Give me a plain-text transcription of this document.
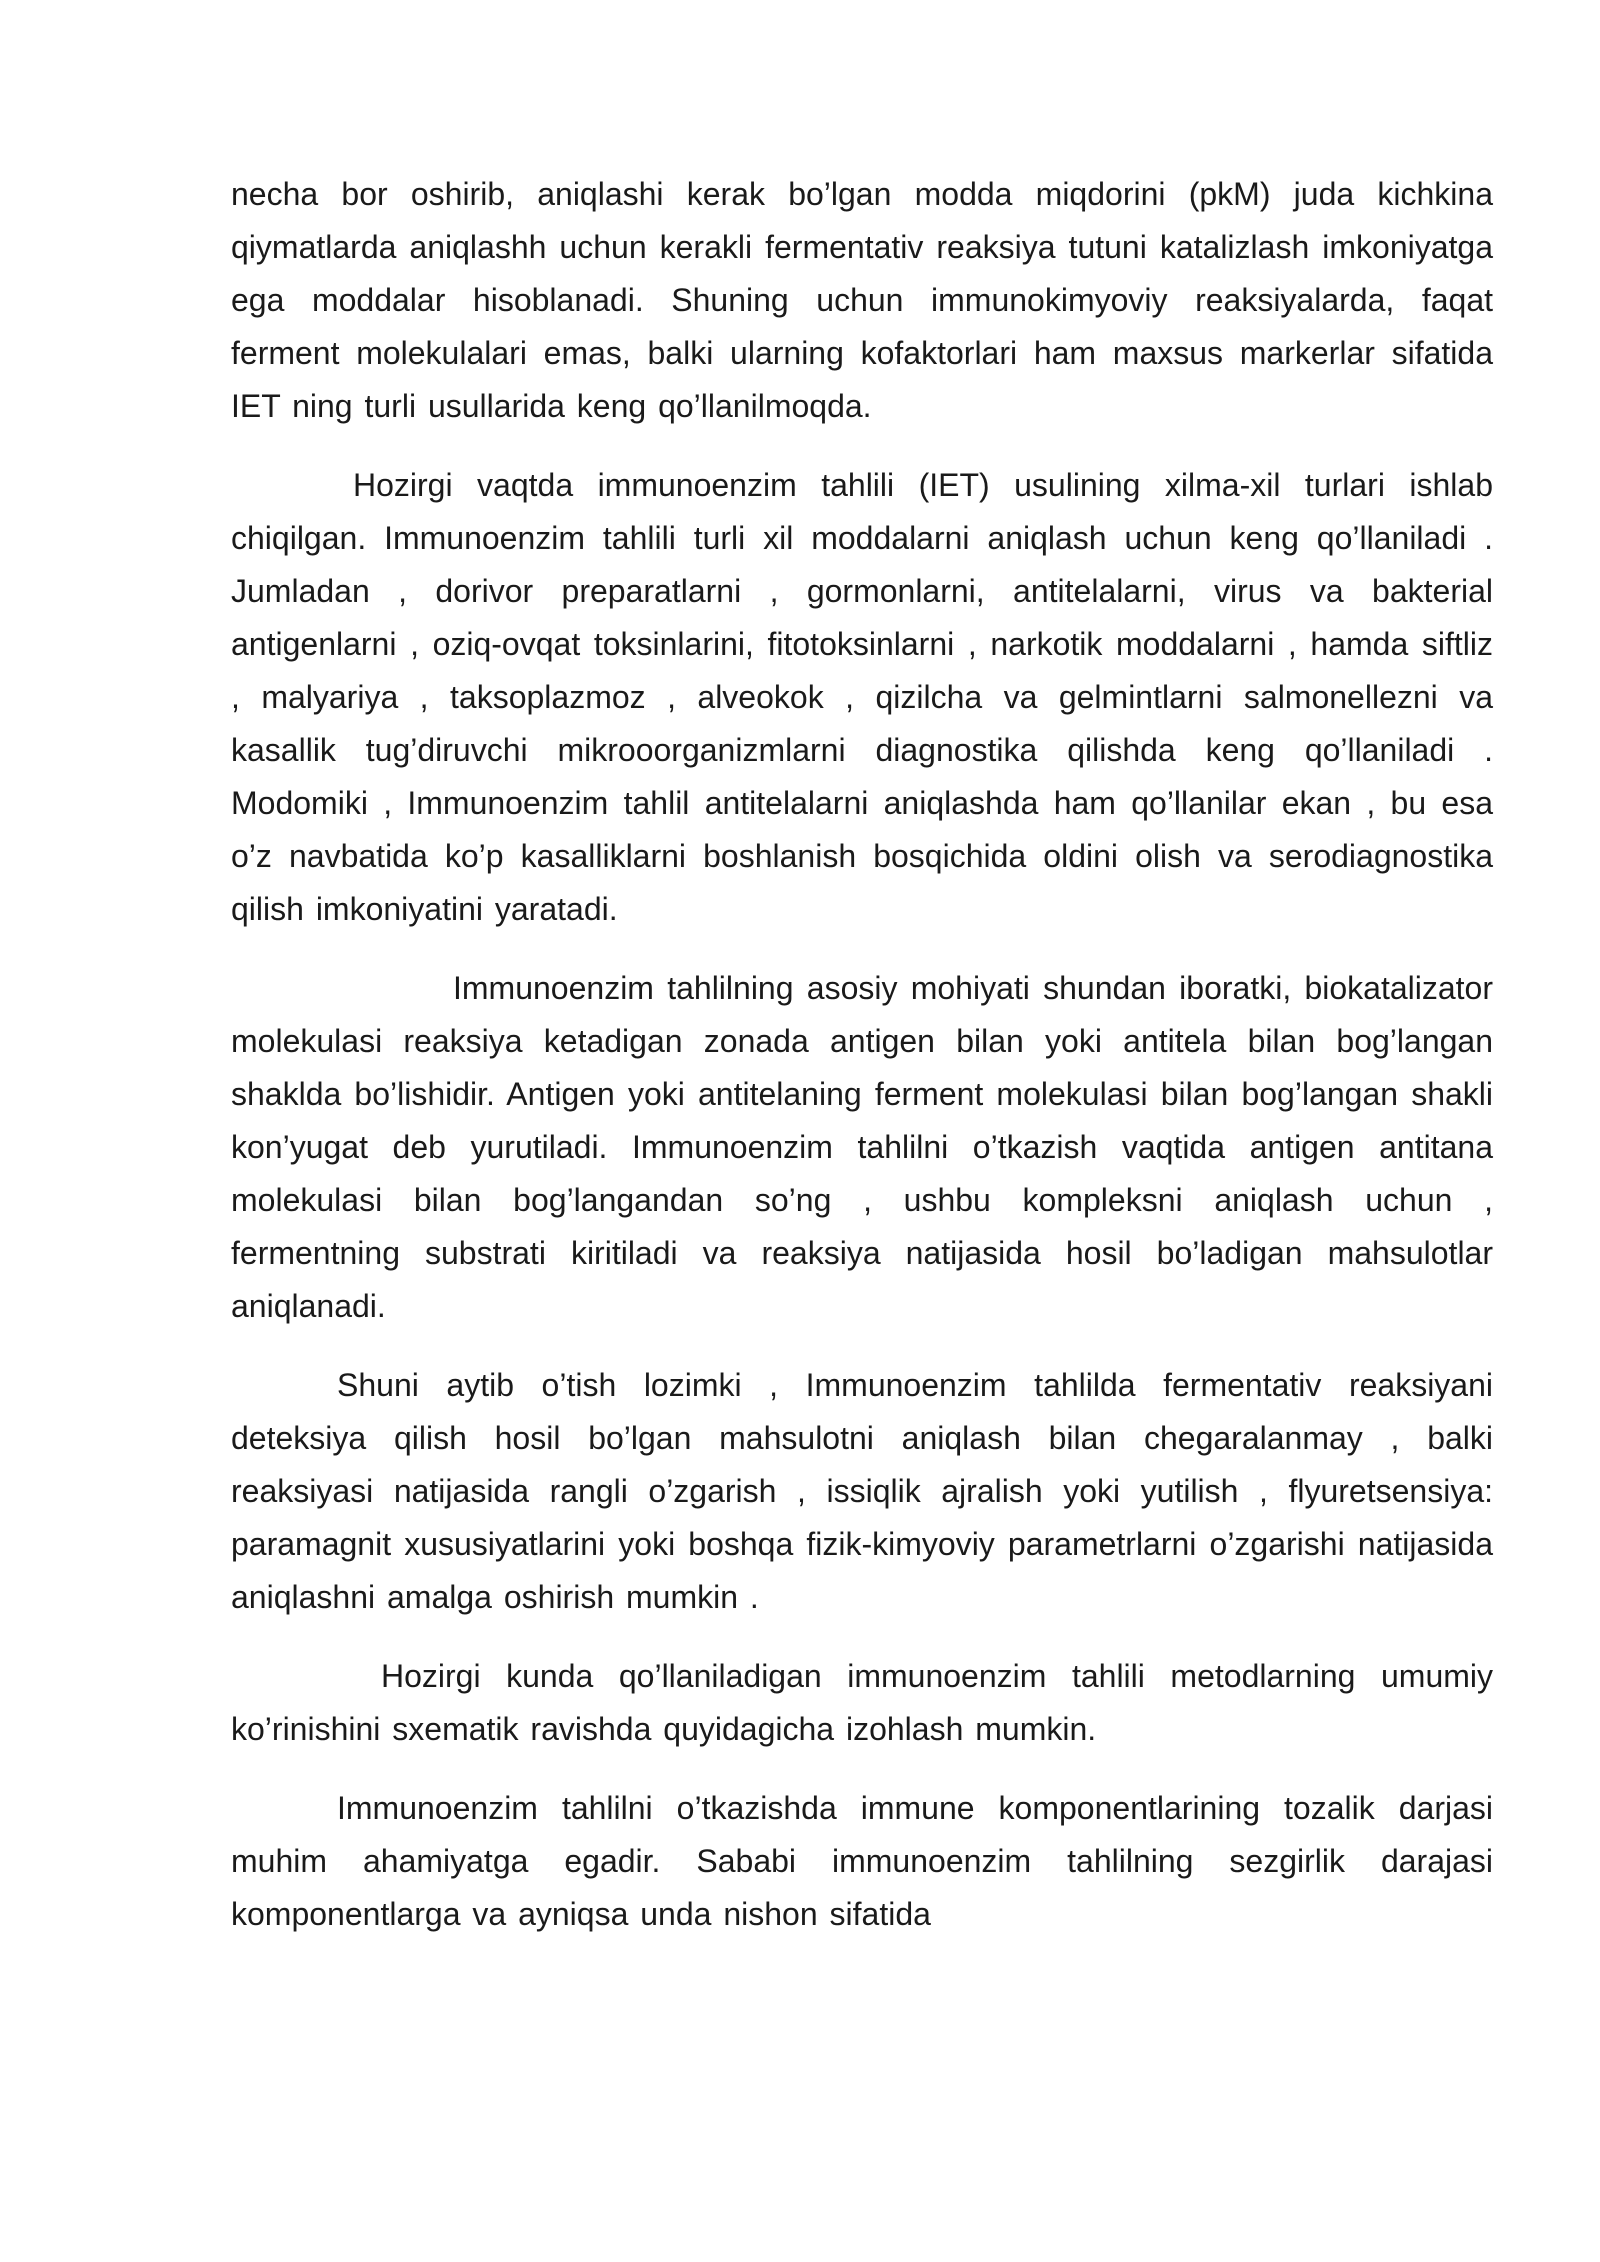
necha bor oshirib, aniqlashi kerak bo’lgan modda miqdorini (pkM) juda kichkina qiymatlarda aniqlashh uchun kerakli fermentativ reaksiya tutuni katalizlash imkoniyatga ega moddalar hisoblanadi. Shuning uchun immunokimyoviy reaksiyalarda, faqat ferment molekulalari emas, balki ularning kofaktorlari ham maxsus markerlar sifatida IET ning turli usullarida keng qo’llanilmoqda.

Hozirgi vaqtda immunoenzim tahlili (IET) usulining xilma-xil turlari ishlab chiqilgan. Immunoenzim tahlili turli xil moddalarni aniqlash uchun keng qo’llaniladi . Jumladan , dorivor preparatlarni , gormonlarni, antitelalarni, virus va bakterial antigenlarni , oziq-ovqat toksinlarini, fitotoksinlarni , narkotik moddalarni , hamda siftliz , malyariya , taksoplazmoz , alveokok , qizilcha va gelmintlarni salmonellezni va kasallik tug’diruvchi mikrooorganizmlarni diagnostika qilishda keng qo’llaniladi . Modomiki , Immunoenzim tahlil antitelalarni aniqlashda ham qo’llanilar ekan , bu esa o’z navbatida ko’p kasalliklarni boshlanish bosqichida oldini olish va serodiagnostika qilish imkoniyatini yaratadi.

Immunoenzim tahlilning asosiy mohiyati shundan iboratki, biokatalizator molekulasi reaksiya ketadigan zonada antigen bilan yoki antitela bilan bog’langan shaklda bo’lishidir. Antigen yoki antitelaning ferment molekulasi bilan bog’langan shakli kon’yugat deb yurutiladi. Immunoenzim tahlilni o’tkazish vaqtida antigen antitana molekulasi bilan bog’langandan so’ng , ushbu kompleksni aniqlash uchun , fermentning substrati kiritiladi va reaksiya natijasida hosil bo’ladigan mahsulotlar aniqlanadi.

Shuni aytib o’tish lozimki , Immunoenzim tahlilda fermentativ reaksiyani deteksiya qilish hosil bo’lgan mahsulotni aniqlash bilan chegaralanmay , balki reaksiyasi natijasida rangli o’zgarish , issiqlik ajralish yoki yutilish , flyuretsensiya: paramagnit xususiyatlarini yoki boshqa fizik-kimyoviy parametrlarni o’zgarishi natijasida aniqlashni amalga oshirish mumkin .

Hozirgi kunda qo’llaniladigan immunoenzim tahlili metodlarning umumiy ko’rinishini sxematik ravishda quyidagicha izohlash mumkin.

Immunoenzim tahlilni o’tkazishda immune komponentlarining tozalik darjasi muhim ahamiyatga egadir. Sababi immunoenzim tahlilning sezgirlik darajasi komponentlarga va ayniqsa unda nishon sifatida
